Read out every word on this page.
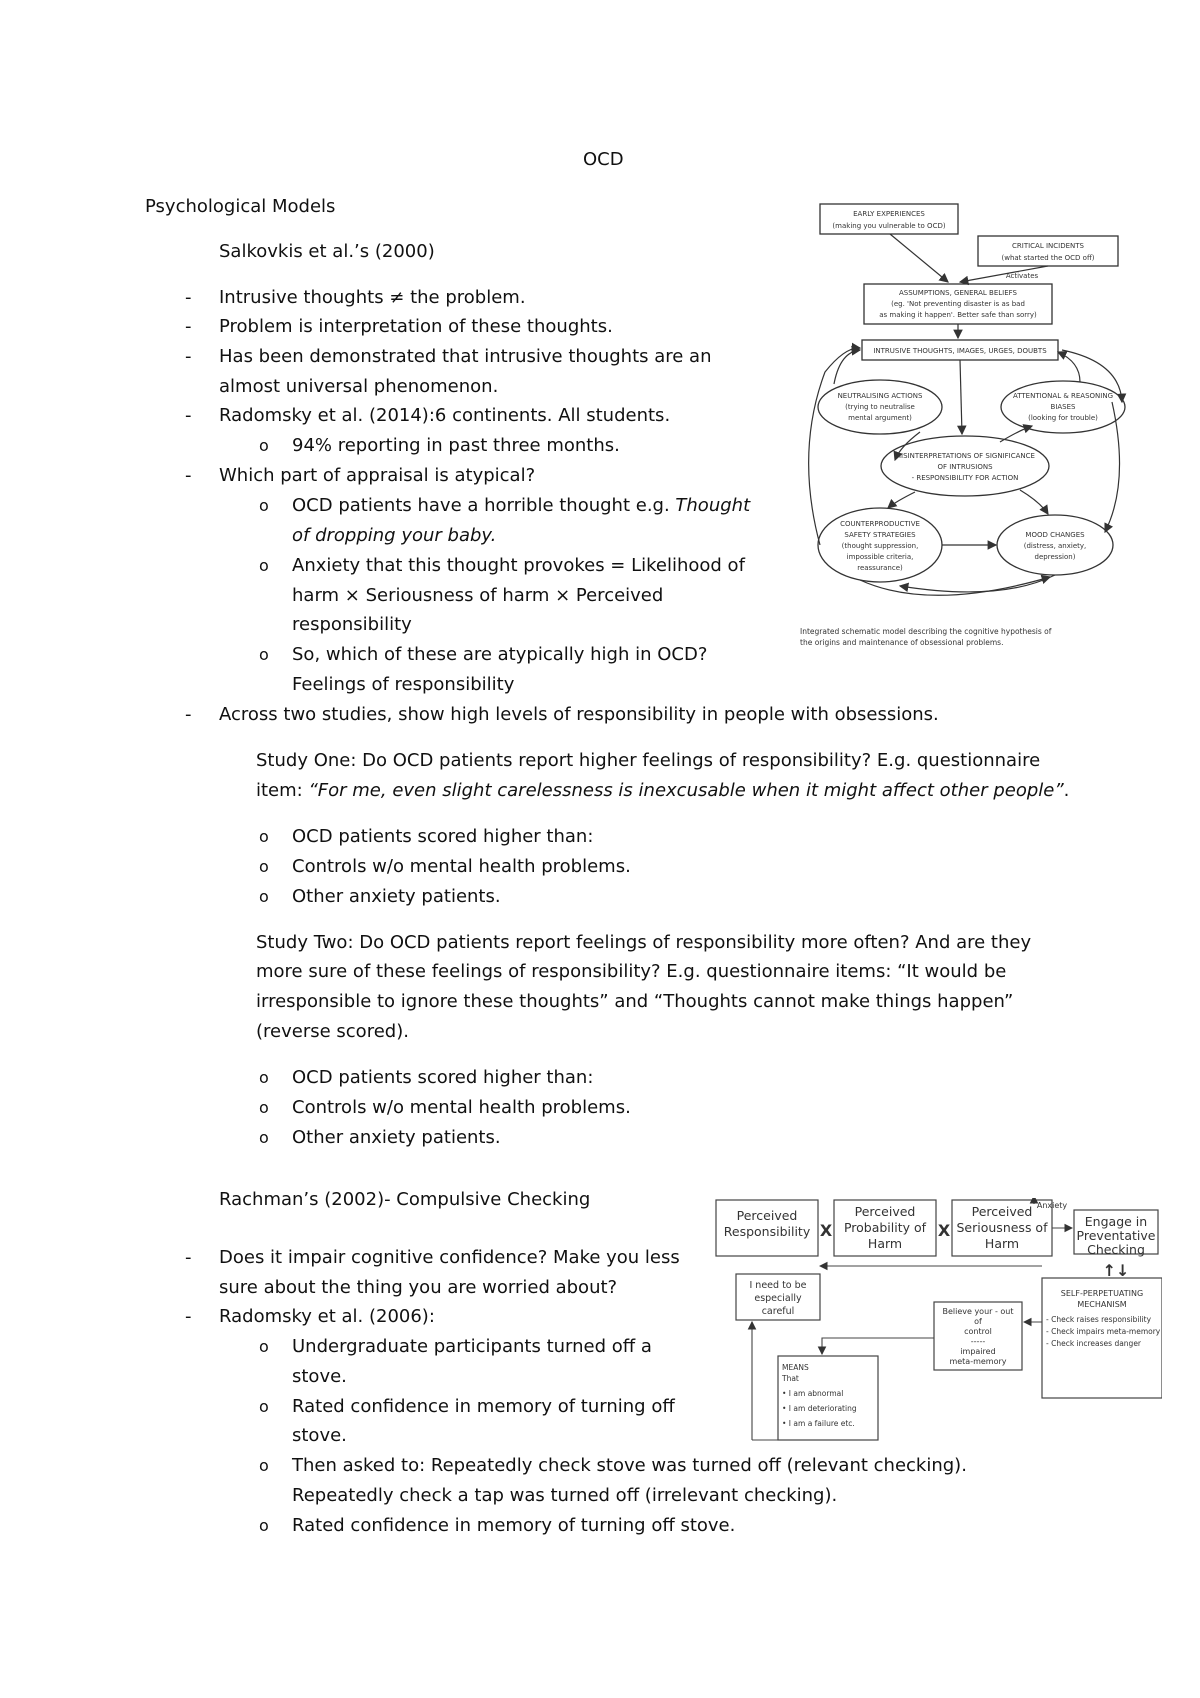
OCD
Psychological Models
Salkovkis et al.’s (2000)
- Intrusive thoughts ≠ the problem.
- Problem is interpretation of these thoughts.
- Has been demonstrated that intrusive thoughts are an
almost universal phenomenon.
- Radomsky et al. (2014):6 continents. All students.
o 94% reporting in past three months.
- Which part of appraisal is atypical?
o OCD patients have a horrible thought e.g. Thought
of dropping your baby.
o Anxiety that this thought provokes = Likelihood of
harm × Seriousness of harm × Perceived
responsibility
o So, which of these are atypically high in OCD?
Feelings of responsibility
- Across two studies, show high levels of responsibility in people with obsessions.
Study One: Do OCD patients report higher feelings of responsibility? E.g. questionnaire
item: “For me, even slight carelessness is inexcusable when it might affect other people”.
o OCD patients scored higher than:
o Controls w/o mental health problems.
o Other anxiety patients.
Study Two: Do OCD patients report feelings of responsibility more often? And are they
more sure of these feelings of responsibility? E.g. questionnaire items: “It would be
irresponsible to ignore these thoughts” and “Thoughts cannot make things happen”
(reverse scored).
o OCD patients scored higher than:
o Controls w/o mental health problems.
o Other anxiety patients.
Rachman’s (2002)- Compulsive Checking
- Does it impair cognitive confidence? Make you less
sure about the thing you are worried about?
- Radomsky et al. (2006):
o Undergraduate participants turned off a
stove.
o Rated confidence in memory of turning off
stove.
o Then asked to: Repeatedly check stove was turned off (relevant checking).
Repeatedly check a tap was turned off (irrelevant checking).
o Rated confidence in memory of turning off stove.
EARLY EXPERIENCES
(making you vulnerable to OCD)
CRITICAL INCIDENTS
(what started the OCD off)
Activates
ASSUMPTIONS, GENERAL BELIEFS
(eg. 'Not preventing disaster is as bad
as making it happen'. Better safe than sorry)
INTRUSIVE THOUGHTS, IMAGES, URGES, DOUBTS
NEUTRALISING ACTIONS
(trying to neutralise
mental argument)
ATTENTIONAL & REASONING
BIASES
(looking for trouble)
MISINTERPRETATIONS OF SIGNIFICANCE
OF INTRUSIONS
- RESPONSIBILITY FOR ACTION
COUNTERPRODUCTIVE
SAFETY STRATEGIES
(thought suppression,
impossible criteria,
reassurance)
MOOD CHANGES
(distress, anxiety,
depression)
Integrated schematic model describing the cognitive hypothesis of
the origins and maintenance of obsessional problems.
Perceived
Responsibility
Perceived
Probability of
Harm
Perceived
Seriousness of
Harm
Engage in
Preventative
Checking
X	X
↑↓
Anxiety
I need to be
especially
careful
SELF-PERPETUATING
MECHANISM
Believe your - out
of
control
-----
impaired
meta-memory
- Check raises responsibility
- Check impairs meta-memory
- Check increases danger
MEANS
That
• I am abnormal
• I am deteriorating
• I am a failure etc.
